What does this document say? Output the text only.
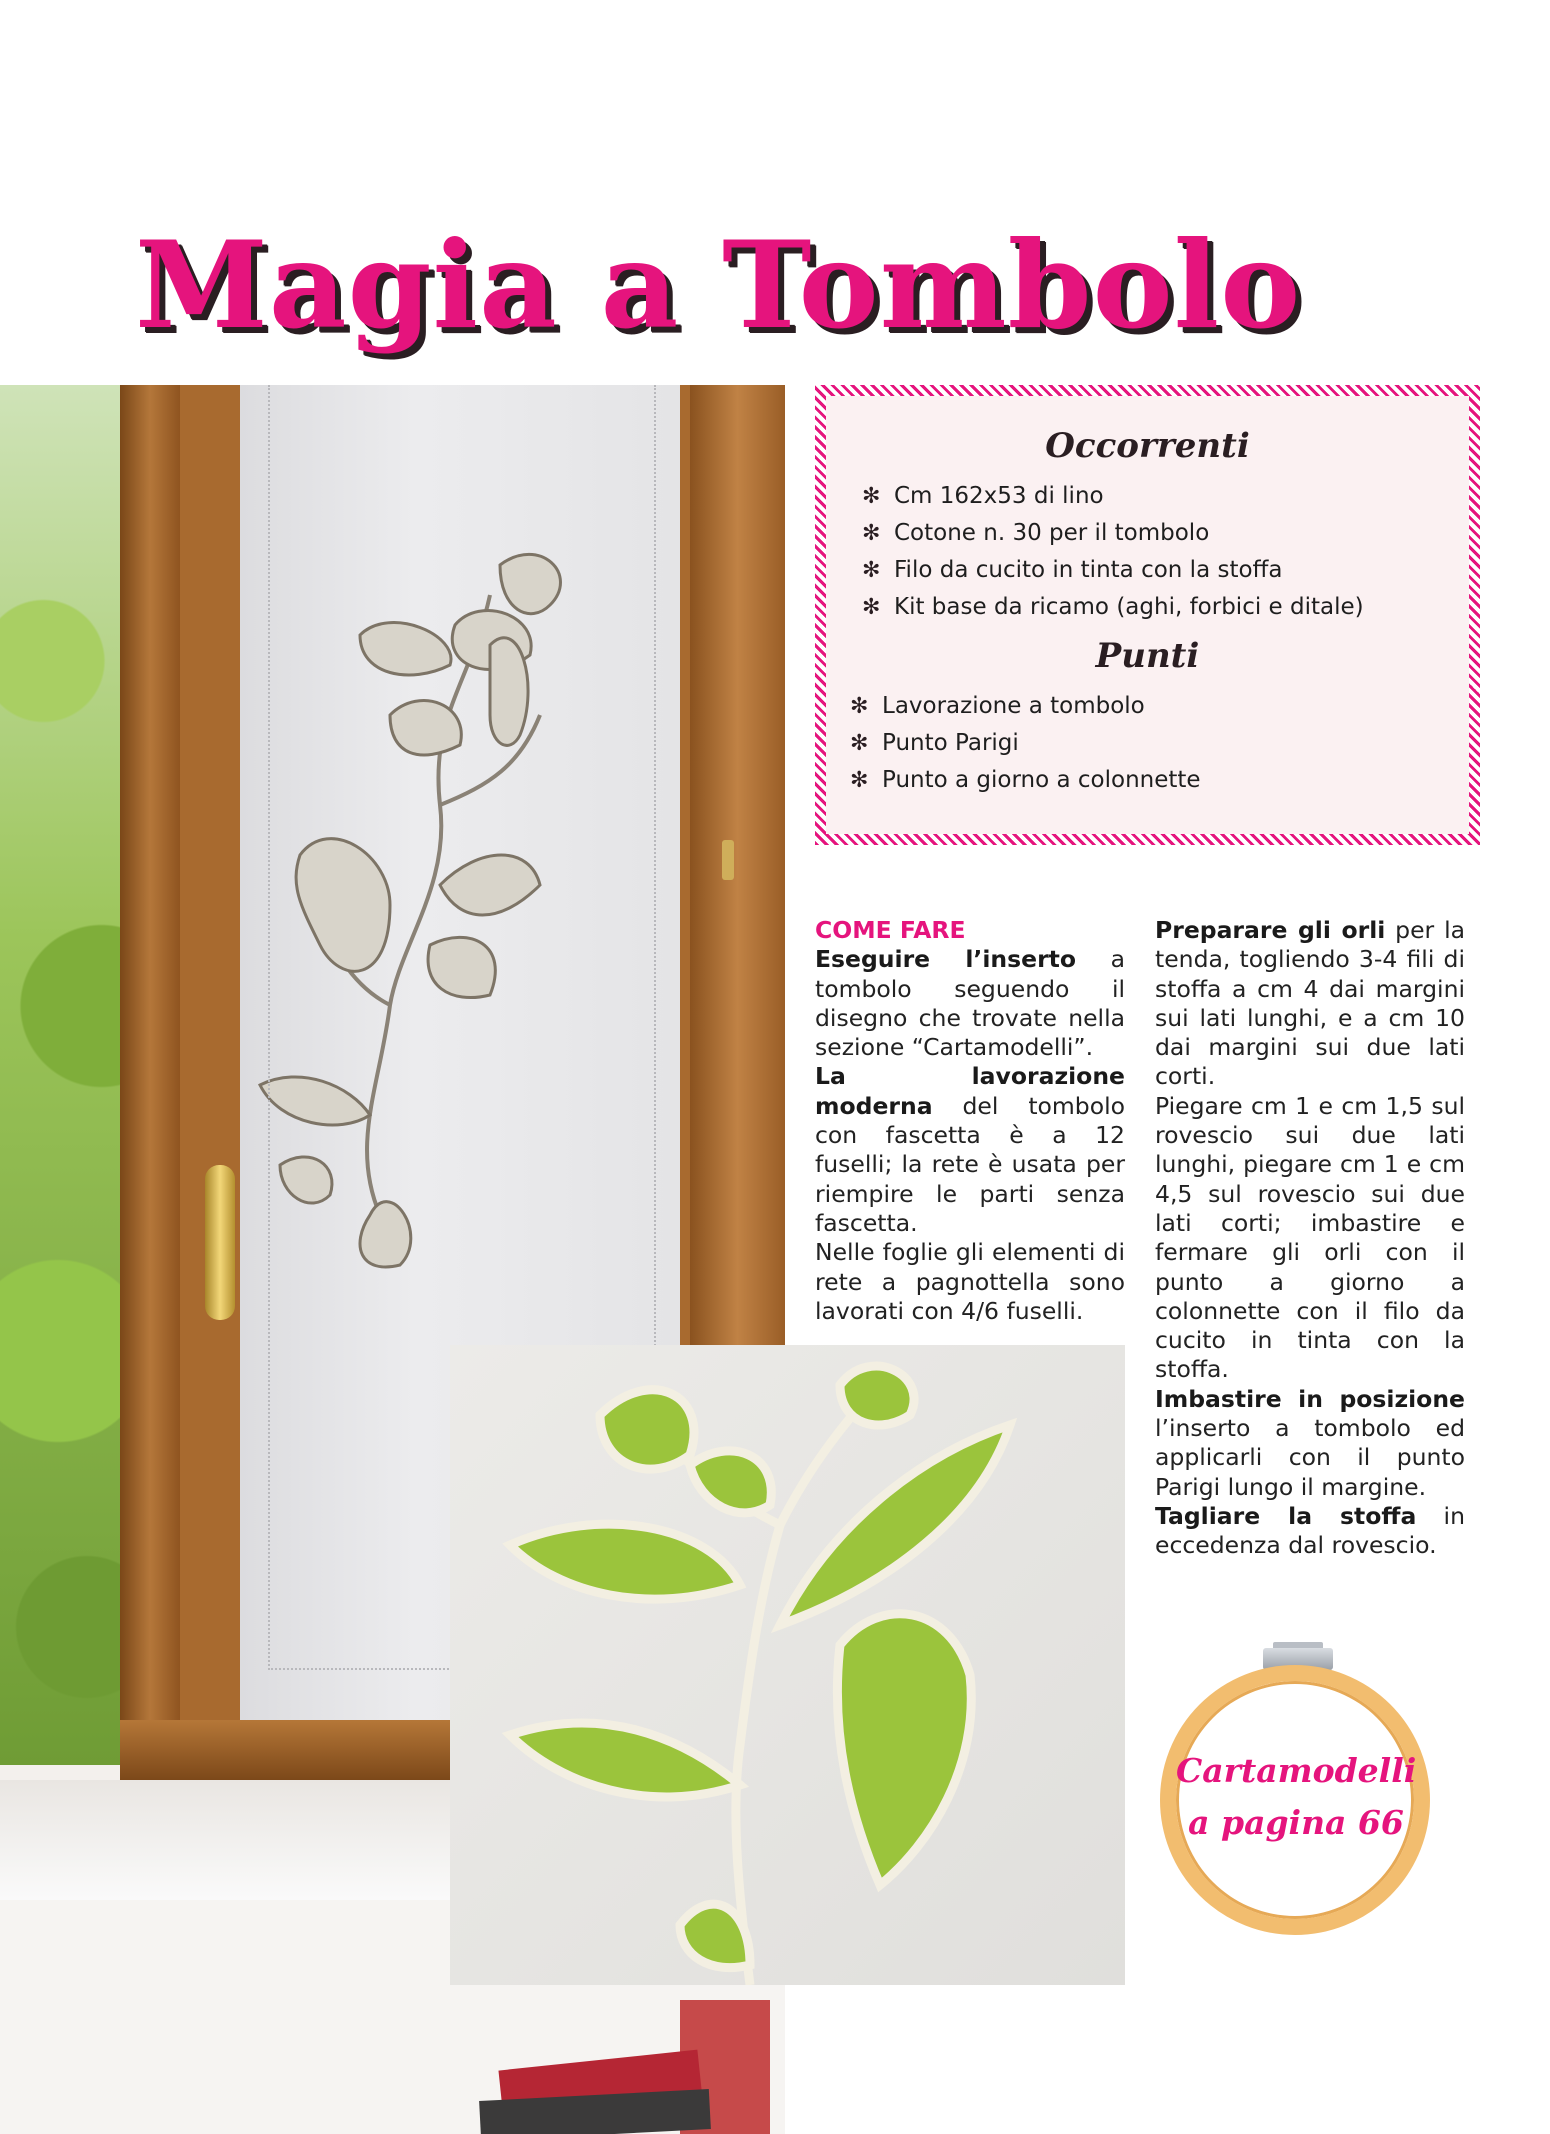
Magia a Tombolo
Occorrenti
✻ Cm 162x53 di lino
✻ Cotone n. 30 per il tombolo
✻ Filo da cucito in tinta con la stoffa
✻ Kit base da ricamo (aghi, forbici e ditale)
Punti
✻ Lavorazione a tombolo
✻ Punto Parigi
✻ Punto a giorno a colonnette
COME FARE

Eseguire l’inserto a tombolo seguendo il disegno che trovate nella sezione “Cartamodelli”.

La lavorazione moderna del tombolo con fascetta è a 12 fuselli; la rete è usata per riempire le parti senza fascetta.

Nelle foglie gli elementi di rete a pagnottella sono lavorati con 4/6 fuselli.

Preparare gli orli per la tenda, togliendo 3-4 fili di stoffa a cm 4 dai margini sui lati lunghi, e a cm 10 dai margini sui due lati corti.

Piegare cm 1 e cm 1,5 sul rovescio sui due lati lunghi, piegare cm 1 e cm 4,5 sul rovescio sui due lati corti; imbastire e fermare gli orli con il punto a giorno a colonnette con il filo da cucito in tinta con la stoffa.

Imbastire in posizione l’inserto a tombolo ed applicarli con il punto Parigi lungo il margine.

Tagliare la stoffa in eccedenza dal rovescio.

Cartamodelli
a pagina 66
